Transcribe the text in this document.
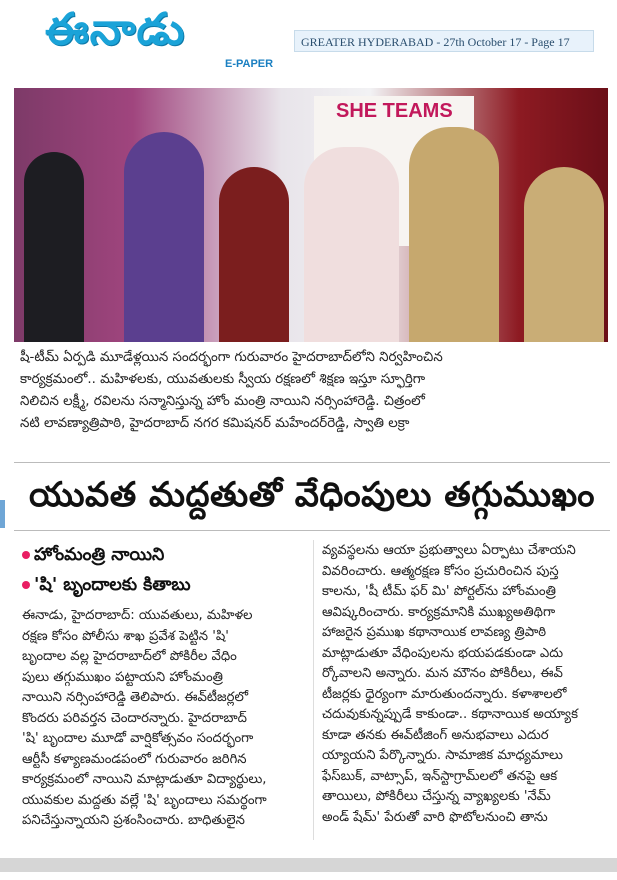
ఈనాడు
E-PAPER
GREATER HYDERABAD - 27th October 17 - Page 17
SHE TEAMS

షీ-టీమ్‌ ఏర్పడి మూడేళ్లయిన సందర్భంగా గురువారం హైదరాబాద్‌లోని నిర్వహించిన

కార్యక్రమంలో.. మహిళలకు, యువతులకు స్వీయ రక్షణలో శిక్షణ ఇస్తూ స్ఫూర్తిగా

నిలిచిన లక్ష్మీ, రవిలను సన్మానిస్తున్న హోం మంత్రి నాయిని నర్సింహారెడ్డి. చిత్రంలో

నటి లావణ్యాత్రిపాఠి, హైదరాబాద్‌ నగర కమిషనర్‌ మహేందర్‌రెడ్డి, స్వాతి లక్రా

యువత మద్దతుతో వేధింపులు తగ్గుముఖం
హోంమంత్రి నాయిని
'షి' బృందాలకు కితాబు

ఈనాడు, హైదరాబాద్‌: యువతులు, మహిళల

రక్షణ కోసం పోలీసు శాఖ ప్రవేశ పెట్టిన 'షి'

బృందాల వల్ల హైదరాబాద్‌లో పోకిరీల వేధిం

పులు తగ్గుముఖం పట్టాయని హోంమంత్రి

నాయిని నర్సింహారెడ్డి తెలిపారు. ఈవ్‌టీజర్లలో

కొందరు పరివర్తన చెందారన్నారు. హైదరాబాద్‌

'షి' బృందాల మూడో వార్షికోత్సవం సందర్భంగా

ఆర్టీసీ కళ్యాణమండపంలో గురువారం జరిగిన

కార్యక్రమంలో నాయిని మాట్లాడుతూ విద్యార్థులు,

యువకుల మద్దతు వల్లే 'షి' బృందాలు సమర్థంగా

పనిచేస్తున్నాయని ప్రశంసించారు. బాధితులైన

వ్యవస్థలను ఆయా ప్రభుత్వాలు ఏర్పాటు చేశాయని

వివరించారు. ఆత్మరక్షణ కోసం ప్రచురించిన పుస్త

కాలను, 'షీ టీమ్‌ ఫర్‌ మి' పోర్టల్‌ను హోంమంత్రి

ఆవిష్కరించారు. కార్యక్రమానికి ముఖ్యఅతిథిగా

హాజరైన ప్రముఖ కథానాయిక లావణ్య త్రిపాఠి

మాట్లాడుతూ వేధింపులను భయపడకుండా ఎదు

ర్కోవాలని అన్నారు. మన మౌనం పోకిరీలు, ఈవ్‌

టీజర్లకు ధైర్యంగా మారుతుందన్నారు. కళాశాలలో

చదువుకున్నప్పుడే కాకుండా.. కథానాయిక అయ్యాక

కూడా తనకు ఈవ్‌టీజింగ్‌ అనుభవాలు ఎదుర

య్యాయని పేర్కొన్నారు. సామాజిక మాధ్యమాలు

ఫేస్‌బుక్‌, వాట్సాప్‌, ఇన్‌స్టాగ్రామ్‌లలో తనపై ఆక

తాయిలు, పోకిరీలు చేస్తున్న వ్యాఖ్యలకు 'నేమ్‌

అండ్‌ షేమ్‌' పేరుతో వారి ఫొటోలనుంచి తాను
